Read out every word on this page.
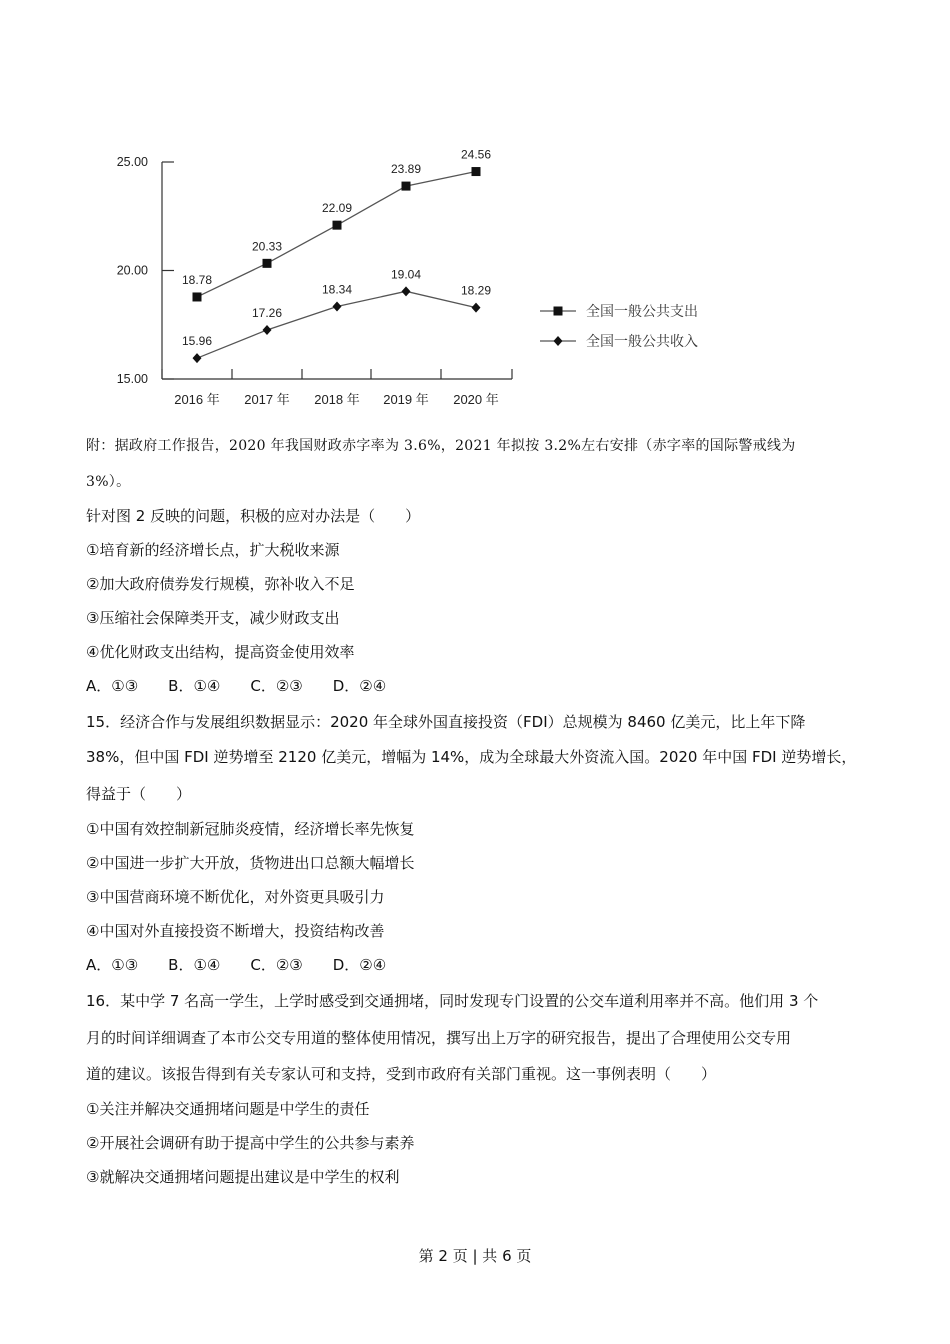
15.00
20.00
25.00
2016 年 2017 年 2018 年 2019 年 2020 年
18.78
20.33
22.09
23.89
24.56
15.96
17.26
18.34
19.04
18.29
全国一般公共支出
全国一般公共收入
附：据政府工作报告，2020 年我国财政赤字率为 3.6%，2021 年拟按 3.2%左右安排（赤字率的国际警戒线为
3%）。
针对图 2 反映的问题，积极的应对办法是（　　）
①培育新的经济增长点，扩大税收来源
②加大政府债券发行规模，弥补收入不足
③压缩社会保障类开支，减少财政支出
④优化财政支出结构，提高资金使用效率
A．①③　　B．①④　　C．②③　　D．②④
15．经济合作与发展组织数据显示：2020 年全球外国直接投资（FDI）总规模为 8460 亿美元，比上年下降
38%，但中国 FDI 逆势增至 2120 亿美元，增幅为 14%，成为全球最大外资流入国。2020 年中国 FDI 逆势增长，
得益于（　　）
①中国有效控制新冠肺炎疫情，经济增长率先恢复
②中国进一步扩大开放，货物进出口总额大幅增长
③中国营商环境不断优化，对外资更具吸引力
④中国对外直接投资不断增大，投资结构改善
A．①③　　B．①④　　C．②③　　D．②④
16．某中学 7 名高一学生，上学时感受到交通拥堵，同时发现专门设置的公交车道利用率并不高。他们用 3 个
月的时间详细调查了本市公交专用道的整体使用情况，撰写出上万字的研究报告，提出了合理使用公交专用
道的建议。该报告得到有关专家认可和支持，受到市政府有关部门重视。这一事例表明（　　）
①关注并解决交通拥堵问题是中学生的责任
②开展社会调研有助于提高中学生的公共参与素养
③就解决交通拥堵问题提出建议是中学生的权利
第 2 页 | 共 6 页
